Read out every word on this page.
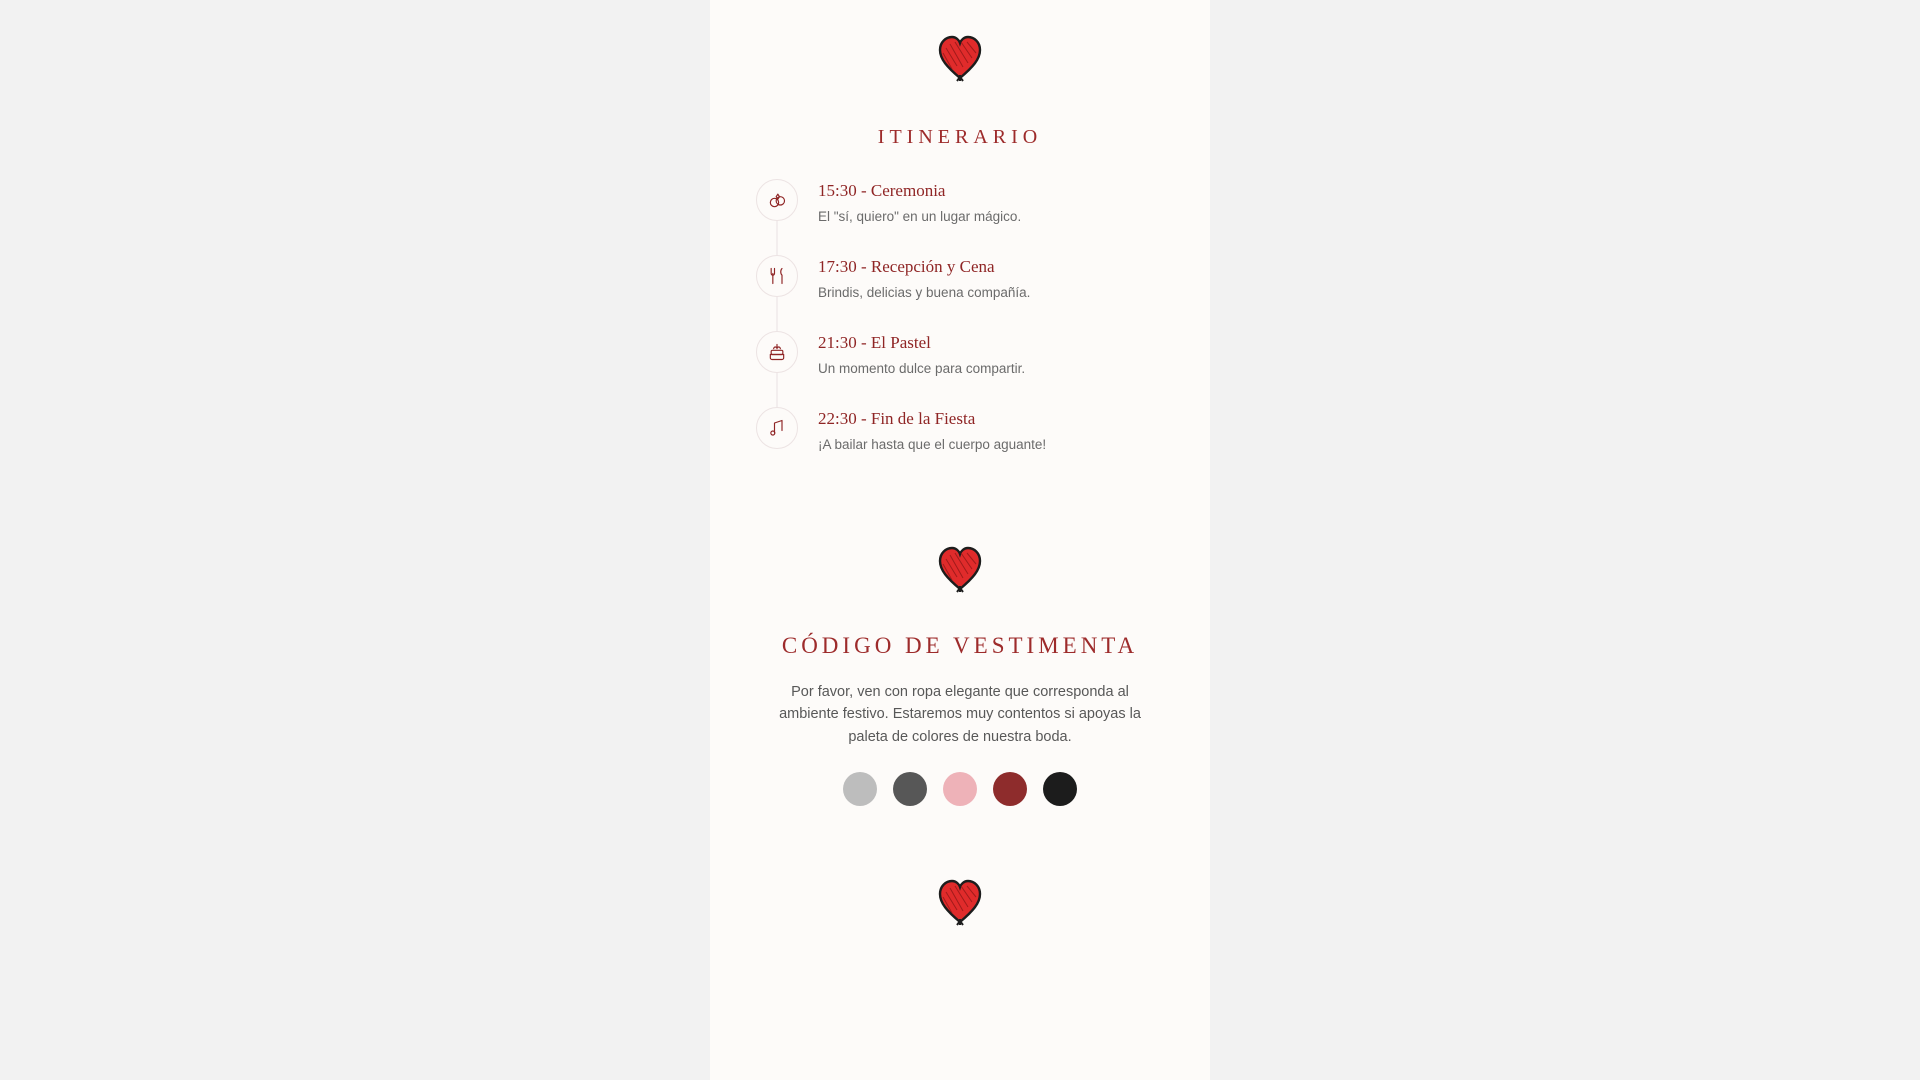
ITINERARIO

15:30 - Ceremonia

El "sí, quiero" en un lugar mágico.

17:30 - Recepción y Cena

Brindis, delicias y buena compañía.

21:30 - El Pastel

Un momento dulce para compartir.

22:30 - Fin de la Fiesta

¡A bailar hasta que el cuerpo aguante!

CÓDIGO DE VESTIMENTA

Por favor, ven con ropa elegante que corresponda al ambiente festivo. Estaremos muy contentos si apoyas la paleta de colores de nuestra boda.
